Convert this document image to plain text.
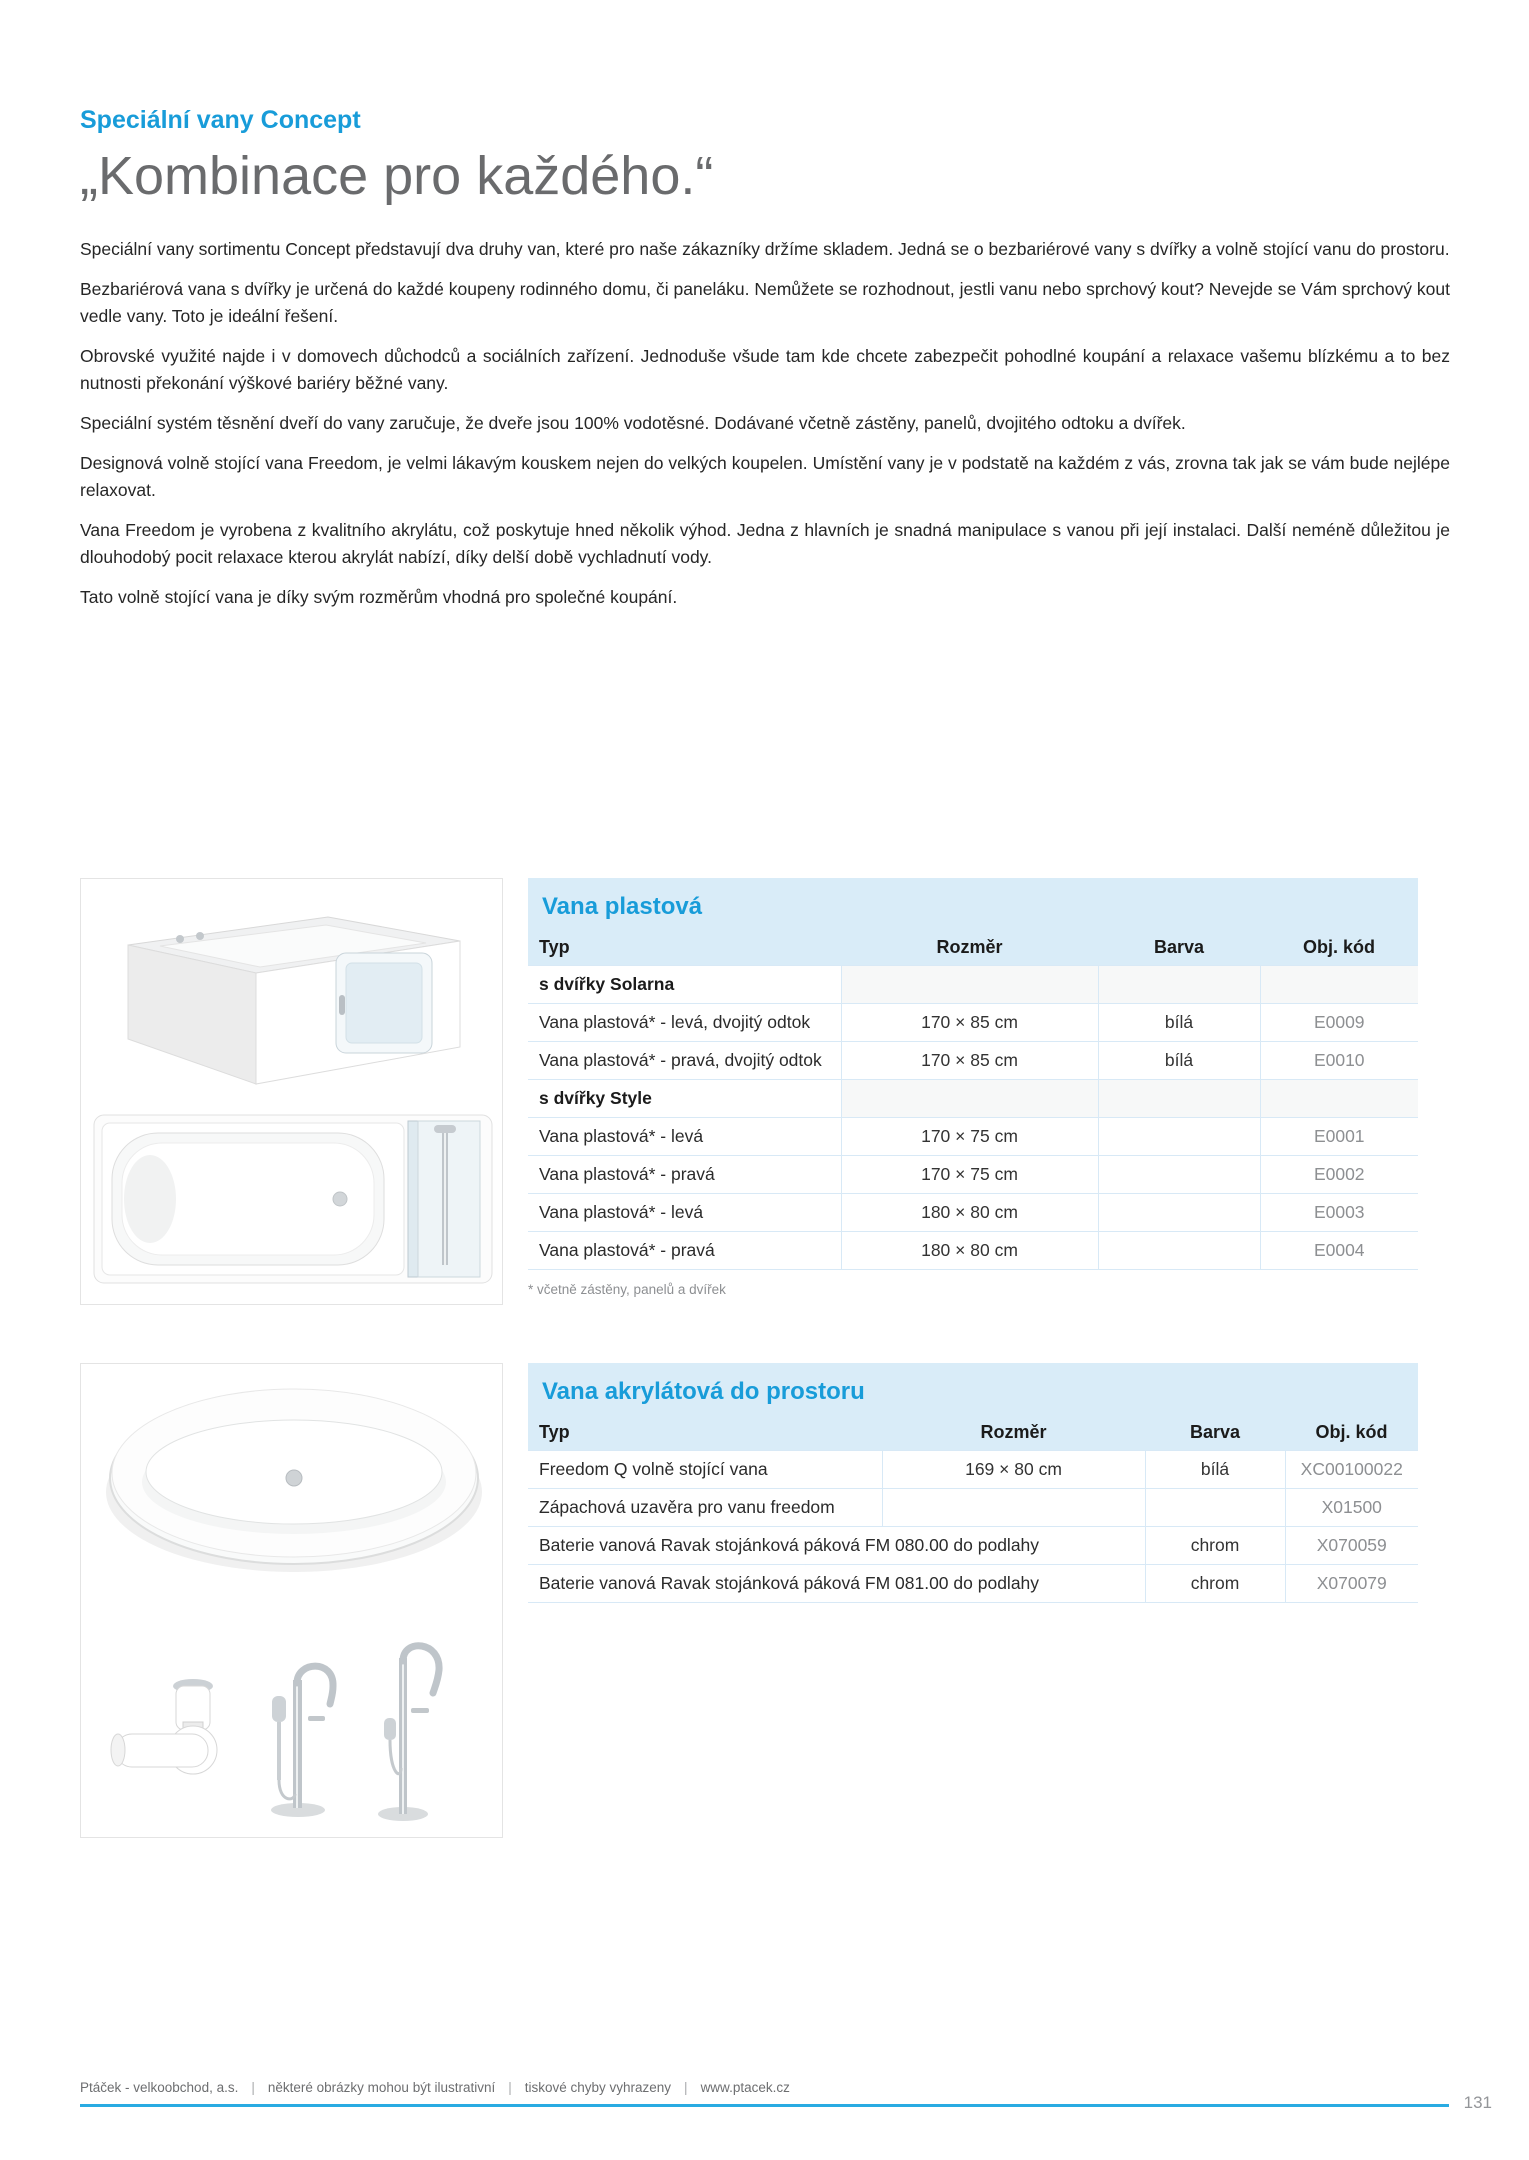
Speciální vany Concept
„Kombinace pro každého.“

Speciální vany sortimentu Concept představují dva druhy van, které pro naše zákazníky držíme skladem. Jedná se o bezbariérové vany s dvířky a volně stojící vanu do prostoru.

Bezbariérová vana s dvířky je určená do každé koupeny rodinného domu, či paneláku. Nemůžete se rozhodnout, jestli vanu nebo sprchový kout? Nevejde se Vám sprchový kout vedle vany. Toto je ideální řešení.

Obrovské využité najde i v domovech důchodců a sociálních zařízení. Jednoduše všude tam kde chcete zabezpečit pohodlné koupání a relaxace vašemu blízkému a to bez nutnosti překonání výškové bariéry běžné vany.

Speciální systém těsnění dveří do vany zaručuje, že dveře jsou 100% vodotěsné. Dodávané včetně zástěny, panelů, dvojitého odtoku a dvířek.

Designová volně stojící vana Freedom, je velmi lákavým kouskem nejen do velkých koupelen. Umístění vany je v podstatě na každém z vás, zrovna tak jak se vám bude nejlépe relaxovat.

Vana Freedom je vyrobena z kvalitního akrylátu, což poskytuje hned několik výhod. Jedna z hlavních je snadná manipulace s vanou při její instalaci. Další neméně důležitou je dlouhodobý pocit relaxace kterou akrylát nabízí, díky delší době vychladnutí vody.

Tato volně stojící vana je díky svým rozměrům vhodná pro společné koupání.

Vana plastová
Typ	Rozměr	Barva	Obj. kód
s dvířky Solarna			
Vana plastová* - levá, dvojitý odtok	170 × 85 cm	bílá	E0009
Vana plastová* - pravá, dvojitý odtok	170 × 85 cm	bílá	E0010
s dvířky Style			
Vana plastová* - levá	170 × 75 cm		E0001
Vana plastová* - pravá	170 × 75 cm		E0002
Vana plastová* - levá	180 × 80 cm		E0003
Vana plastová* - pravá	180 × 80 cm		E0004
* včetně zástěny, panelů a dvířek
Vana akrylátová do prostoru
Typ	Rozměr	Barva	Obj. kód
Freedom Q volně stojící vana	169 × 80 cm	bílá	XC00100022
Zápachová uzavěra pro vanu freedom			X01500
Baterie vanová Ravak stojánková páková FM 080.00 do podlahy		chrom	X070059
Baterie vanová Ravak stojánková páková FM 081.00 do podlahy		chrom	X070079
Ptáček - velkoobchod, a.s. | některé obrázky mohou být ilustrativní | tiskové chyby vyhrazeny | www.ptacek.cz
131
